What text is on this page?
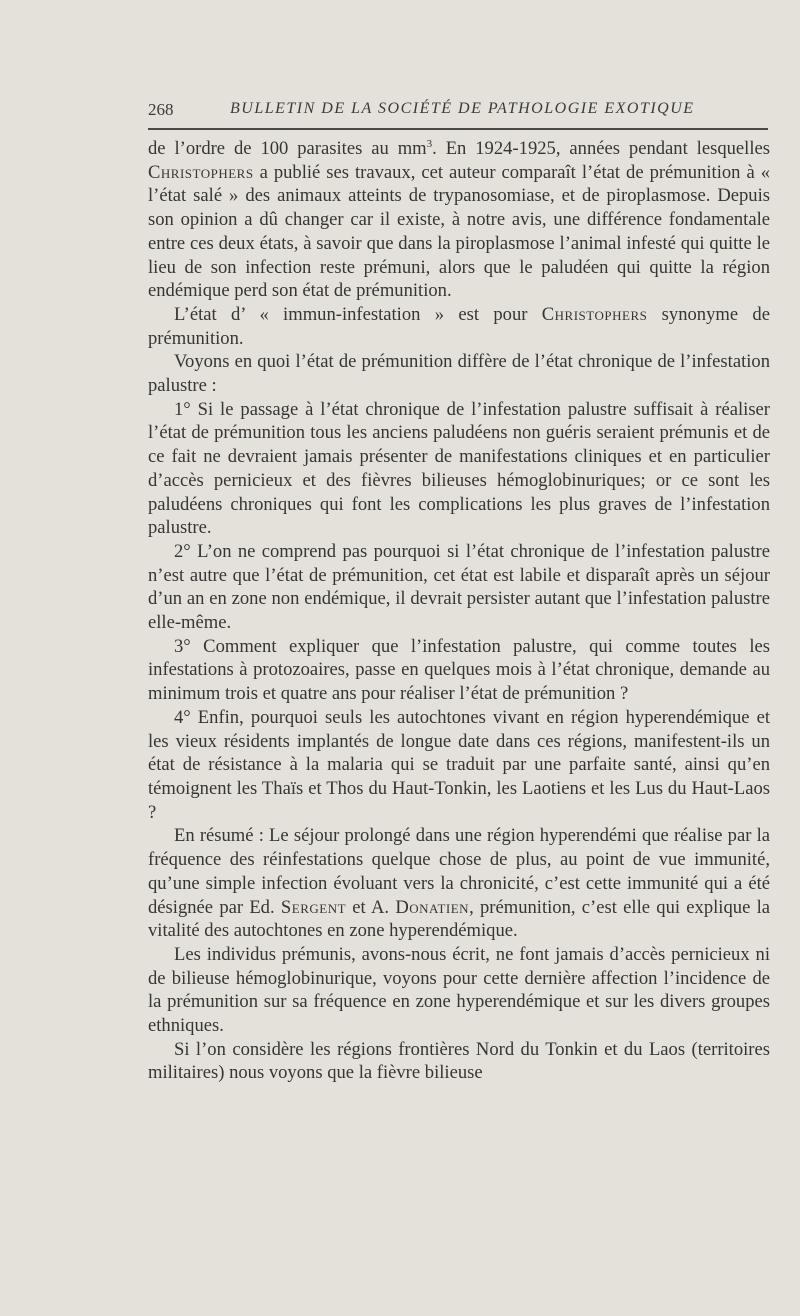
268	BULLETIN DE LA SOCIÉTÉ DE PATHOLOGIE EXOTIQUE

de l’ordre de 100 parasites au $mm^3$. En 1924-1925, années pendant lesquelles Christophers a publié ses travaux, cet auteur comparaît l’état de prémunition à « l’état salé » des animaux atteints de trypanosomiase, et de piroplasmose. Depuis son opinion a dû changer car il existe, à notre avis, une différence fondamentale entre ces deux états, à savoir que dans la piroplasmose l’animal infesté qui quitte le lieu de son infection reste prémuni, alors que le paludéen qui quitte la région endémique perd son état de prémunition.

L’état d’ « immun-infestation » est pour Christophers synonyme de prémunition.

Voyons en quoi l’état de prémunition diffère de l’état chronique de l’infestation palustre :

1° Si le passage à l’état chronique de l’infestation palustre suffisait à réaliser l’état de prémunition tous les anciens paludéens non guéris seraient prémunis et de ce fait ne devraient jamais présenter de manifestations cliniques et en particulier d’accès pernicieux et des fièvres bilieuses hémoglobinuriques; or ce sont les paludéens chroniques qui font les complications les plus graves de l’infestation palustre.

2° L’on ne comprend pas pourquoi si l’état chronique de l’infestation palustre n’est autre que l’état de prémunition, cet état est labile et disparaît après un séjour d’un an en zone non endémique, il devrait persister autant que l’infestation palustre elle-même.

3° Comment expliquer que l’infestation palustre, qui comme toutes les infestations à protozoaires, passe en quelques mois à l’état chronique, demande au minimum trois et quatre ans pour réaliser l’état de prémunition ?

4° Enfin, pourquoi seuls les autochtones vivant en région hyperendémique et les vieux résidents implantés de longue date dans ces régions, manifestent-ils un état de résistance à la malaria qui se traduit par une parfaite santé, ainsi qu’en témoignent les Thaïs et Thos du Haut-Tonkin, les Laotiens et les Lus du Haut-Laos ?

En résumé : Le séjour prolongé dans une région hyperendémi que réalise par la fréquence des réinfestations quelque chose de plus, au point de vue immunité, qu’une simple infection évoluant vers la chronicité, c’est cette immunité qui a été désignée par Ed. Sergent et A. Donatien, prémunition, c’est elle qui explique la vitalité des autochtones en zone hyperendémique.

Les individus prémunis, avons-nous écrit, ne font jamais d’accès pernicieux ni de bilieuse hémoglobinurique, voyons pour cette dernière affection l’incidence de la prémunition sur sa fréquence en zone hyperendémique et sur les divers groupes ethniques.

Si l’on considère les régions frontières Nord du Tonkin et du Laos (territoires militaires) nous voyons que la fièvre bilieuse
